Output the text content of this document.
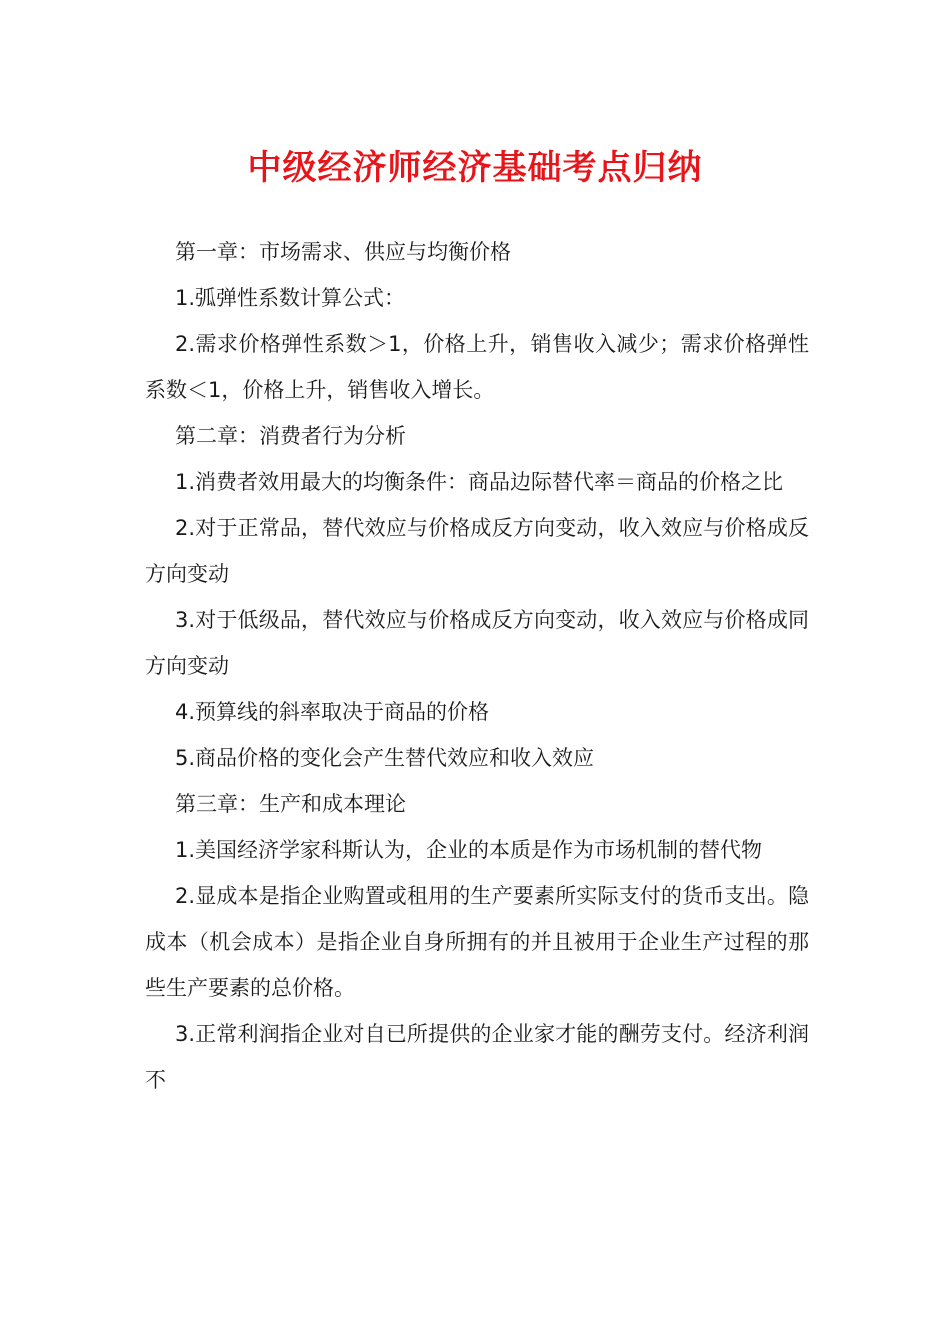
中级经济师经济基础考点归纳

第一章：市场需求、供应与均衡价格

1.弧弹性系数计算公式：

2.需求价格弹性系数＞1，价格上升，销售收入减少；需求价格弹性系数＜1，价格上升，销售收入增长。

第二章：消费者行为分析

1.消费者效用最大的均衡条件：商品边际替代率＝商品的价格之比

2.对于正常品，替代效应与价格成反方向变动，收入效应与价格成反方向变动

3.对于低级品，替代效应与价格成反方向变动，收入效应与价格成同方向变动

4.预算线的斜率取决于商品的价格

5.商品价格的变化会产生替代效应和收入效应

第三章：生产和成本理论

1.美国经济学家科斯认为，企业的本质是作为市场机制的替代物

2.显成本是指企业购置或租用的生产要素所实际支付的货币支出。隐成本（机会成本）是指企业自身所拥有的并且被用于企业生产过程的那些生产要素的总价格。

3.正常利润指企业对自已所提供的企业家才能的酬劳支付。经济利润不
